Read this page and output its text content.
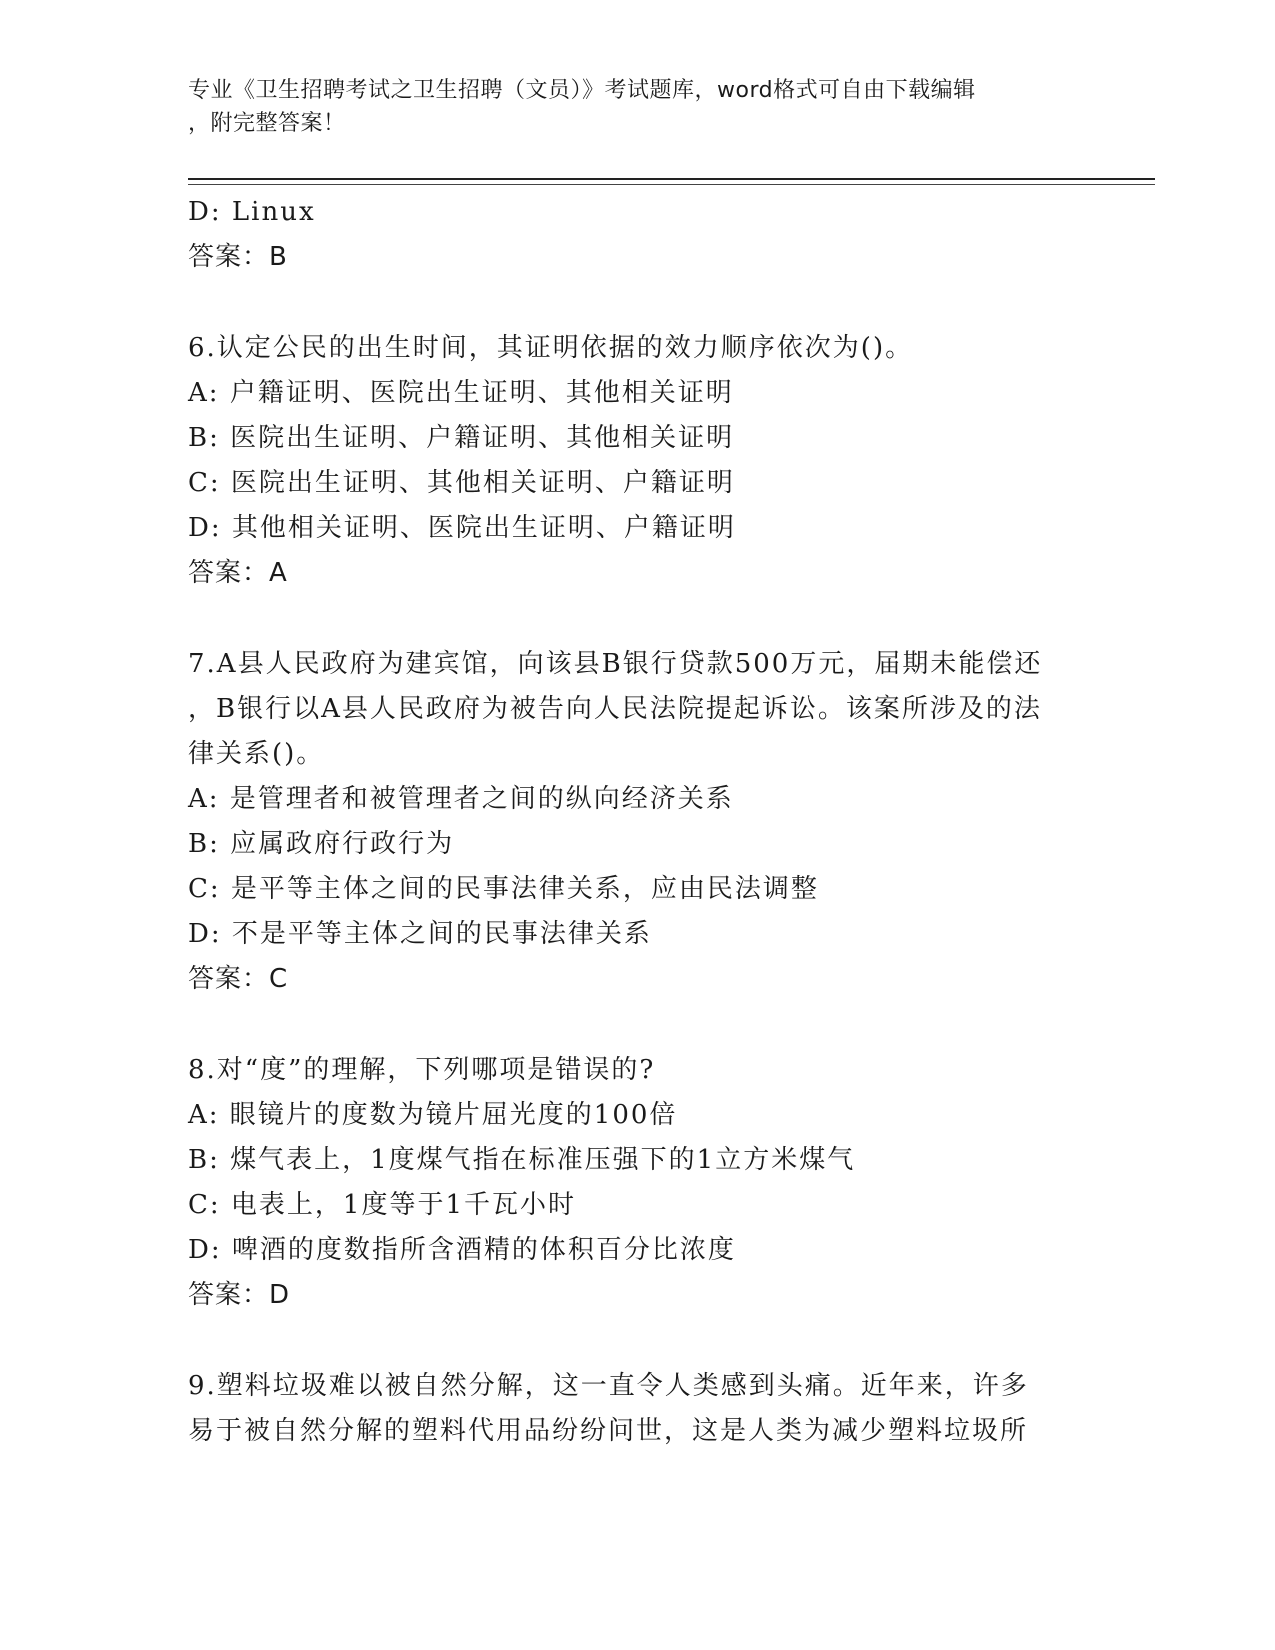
专业《卫生招聘考试之卫生招聘（文员）》考试题库，word格式可自由下载编辑
，附完整答案！
D: Linux
答案：B
6.认定公民的出生时间，其证明依据的效力顺序依次为()。
A: 户籍证明、医院出生证明、其他相关证明
B: 医院出生证明、户籍证明、其他相关证明
C: 医院出生证明、其他相关证明、户籍证明
D: 其他相关证明、医院出生证明、户籍证明
答案：A
7.A县人民政府为建宾馆，向该县B银行贷款500万元，届期未能偿还
，B银行以A县人民政府为被告向人民法院提起诉讼。该案所涉及的法
律关系()。
A: 是管理者和被管理者之间的纵向经济关系
B: 应属政府行政行为
C: 是平等主体之间的民事法律关系，应由民法调整
D: 不是平等主体之间的民事法律关系
答案：C
8.对“度”的理解，下列哪项是错误的?
A: 眼镜片的度数为镜片屈光度的100倍
B: 煤气表上，1度煤气指在标准压强下的1立方米煤气
C: 电表上，1度等于1千瓦小时
D: 啤酒的度数指所含酒精的体积百分比浓度
答案：D
9.塑料垃圾难以被自然分解，这一直令人类感到头痛。近年来，许多
易于被自然分解的塑料代用品纷纷问世，这是人类为减少塑料垃圾所
